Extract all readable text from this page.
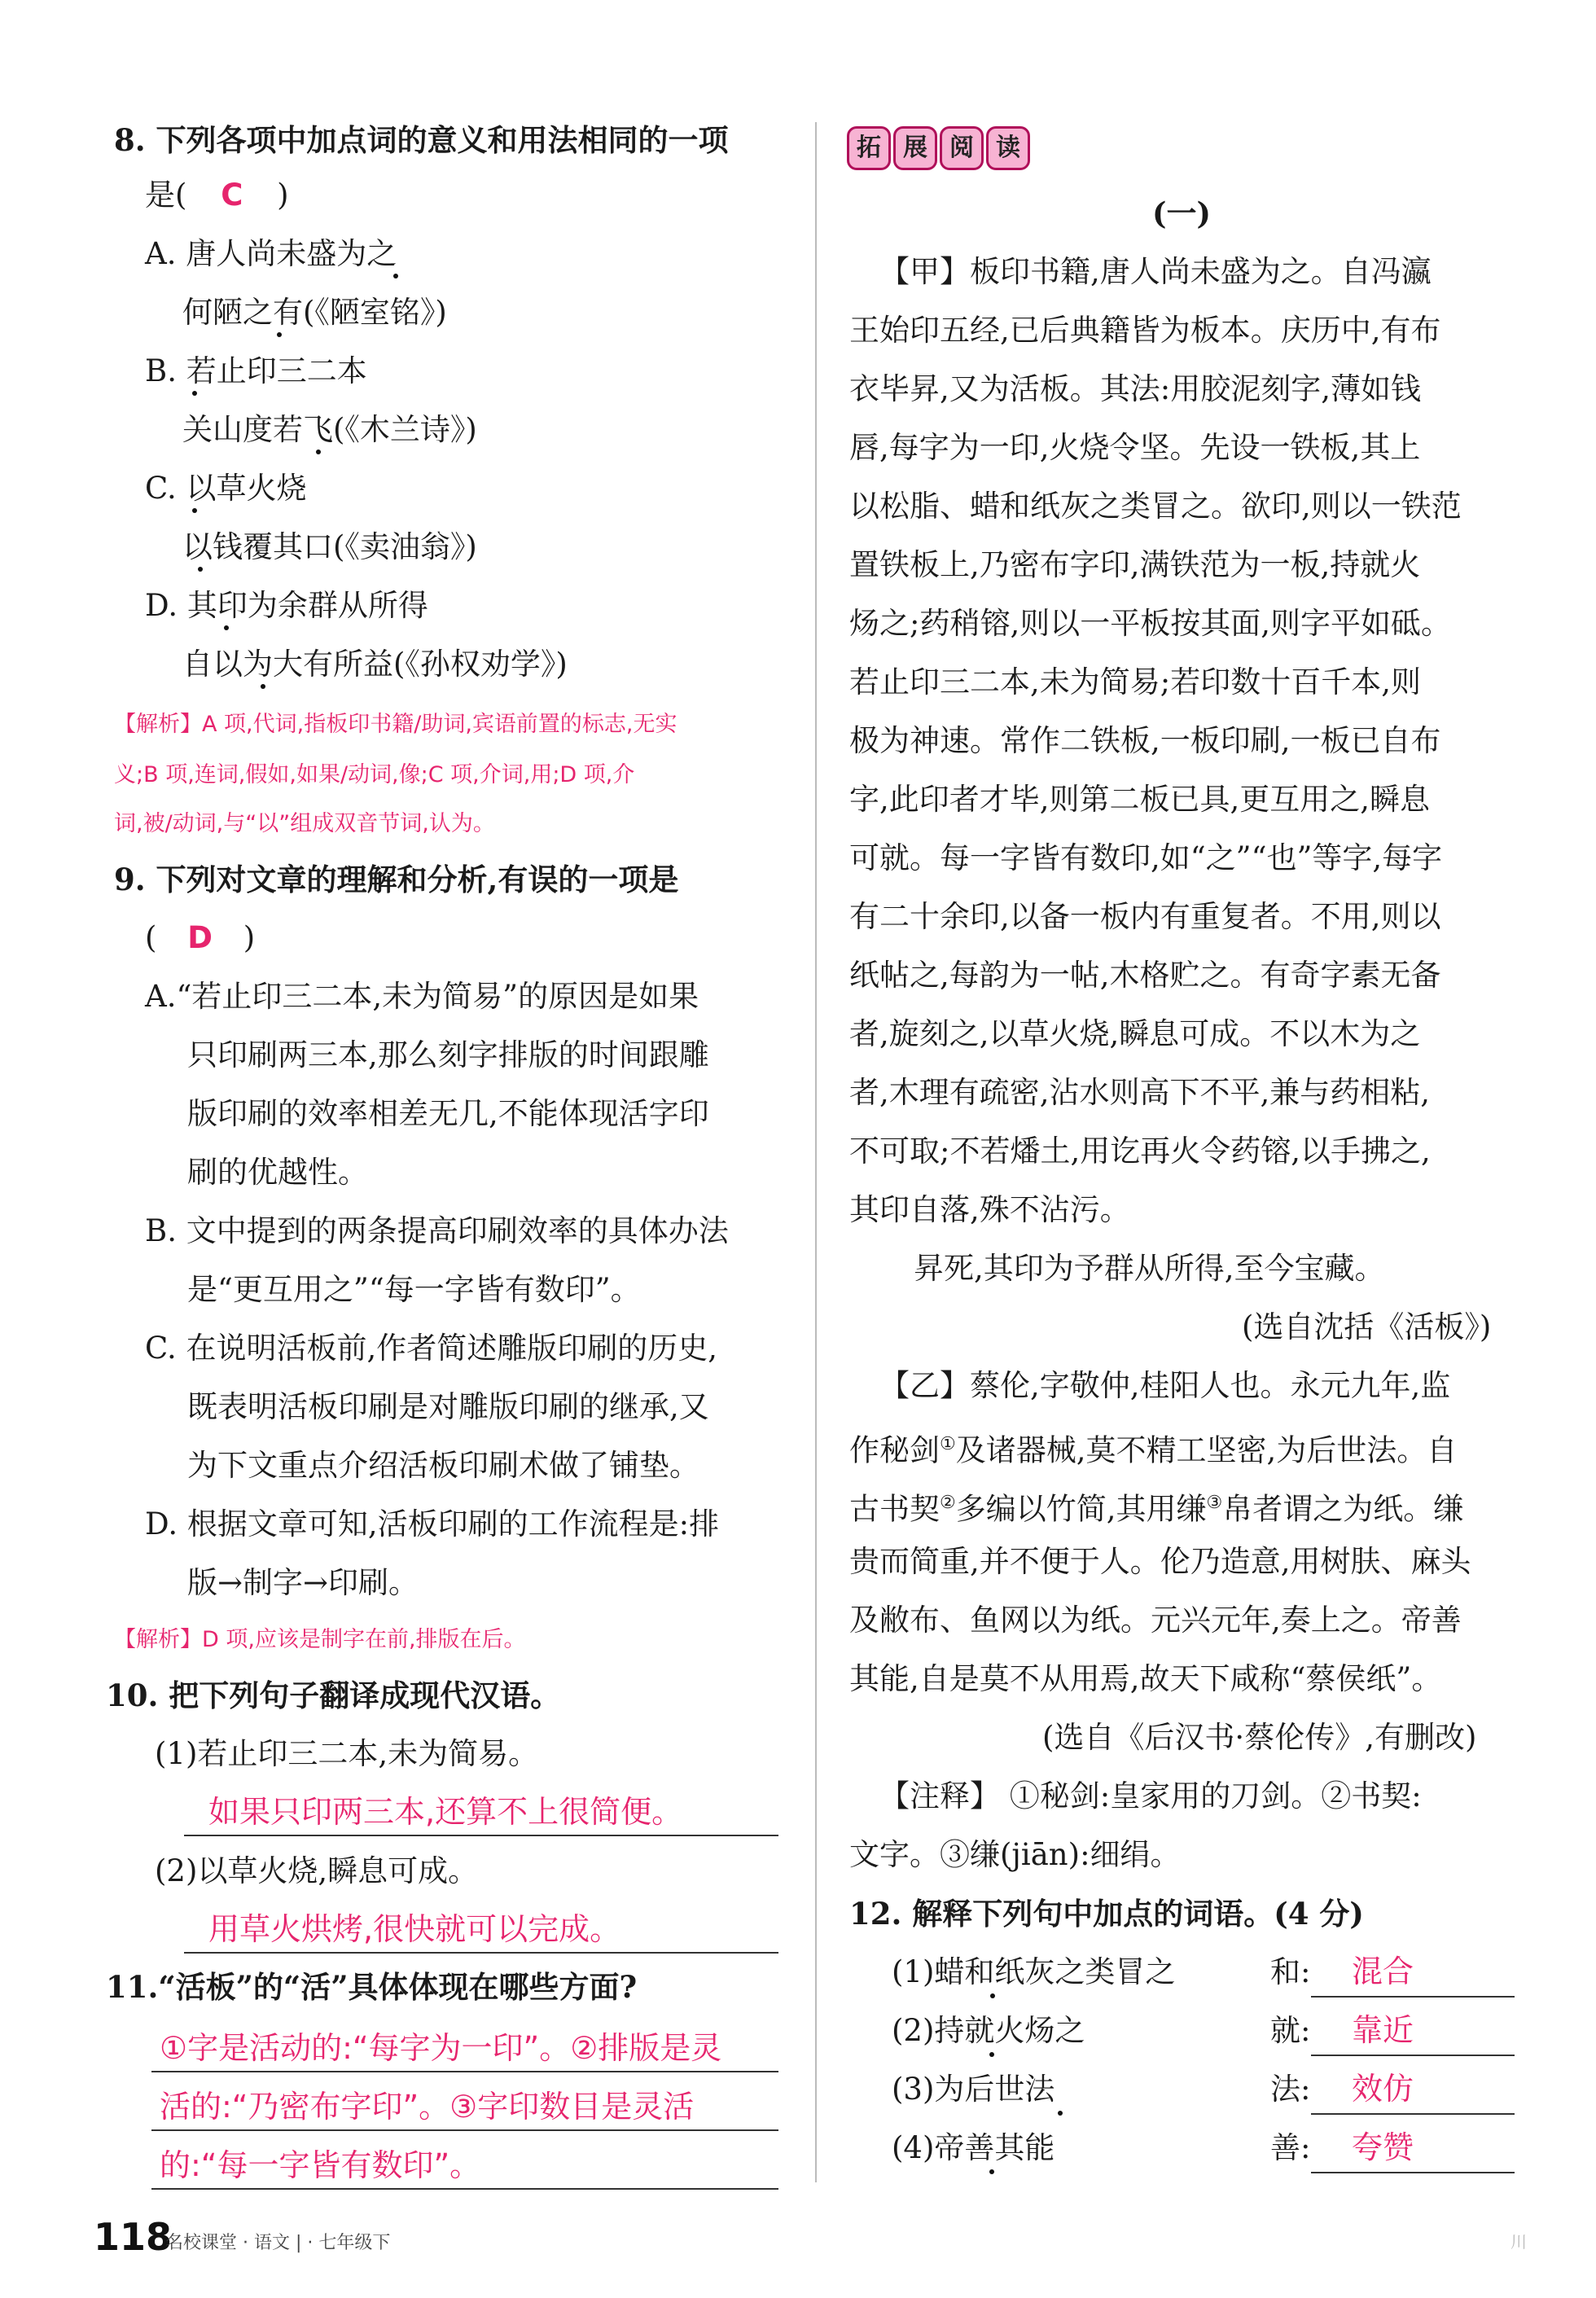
8. 下列各项中加点词的意义和用法相同的一项
是( C )
A. 唐人尚未盛为之
何陋之有(《陋室铭》)
B. 若止印三二本
关山度若飞(《木兰诗》)
C. 以草火烧
以钱覆其口(《卖油翁》)
D. 其印为余群从所得
自以为大有所益(《孙权劝学》)
【解析】A 项,代词,指板印书籍/助词,宾语前置的标志,无实
义;B 项,连词,假如,如果/动词,像;C 项,介词,用;D 项,介
词,被/动词,与“以”组成双音节词,认为。
9. 下列对文章的理解和分析,有误的一项是
( D )
A.“若止印三二本,未为简易”的原因是如果
只印刷两三本,那么刻字排版的时间跟雕
版印刷的效率相差无几,不能体现活字印
刷的优越性。
B. 文中提到的两条提高印刷效率的具体办法
是“更互用之”“每一字皆有数印”。
C. 在说明活板前,作者简述雕版印刷的历史,
既表明活板印刷是对雕版印刷的继承,又
为下文重点介绍活板印刷术做了铺垫。
D. 根据文章可知,活板印刷的工作流程是:排
版→制字→印刷。
【解析】D 项,应该是制字在前,排版在后。
10. 把下列句子翻译成现代汉语。
(1)若止印三二本,未为简易。
如果只印两三本,还算不上很简便。
(2)以草火烧,瞬息可成。
用草火烘烤,很快就可以完成。
11.“活板”的“活”具体体现在哪些方面?
①字是活动的:“每字为一印”。②排版是灵
活的:“乃密布字印”。③字印数目是灵活
的:“每一字皆有数印”。
拓 展 阅 读
(一)
【甲】板印书籍,唐人尚未盛为之。自冯瀛
王始印五经,已后典籍皆为板本。庆历中,有布
衣毕昇,又为活板。其法:用胶泥刻字,薄如钱
唇,每字为一印,火烧令坚。先设一铁板,其上
以松脂、蜡和纸灰之类冒之。欲印,则以一铁范
置铁板上,乃密布字印,满铁范为一板,持就火
炀之;药稍镕,则以一平板按其面,则字平如砥。
若止印三二本,未为简易;若印数十百千本,则
极为神速。常作二铁板,一板印刷,一板已自布
字,此印者才毕,则第二板已具,更互用之,瞬息
可就。每一字皆有数印,如“之”“也”等字,每字
有二十余印,以备一板内有重复者。不用,则以
纸帖之,每韵为一帖,木格贮之。有奇字素无备
者,旋刻之,以草火烧,瞬息可成。不以木为之
者,木理有疏密,沾水则高下不平,兼与药相粘,
不可取;不若燔土,用讫再火令药镕,以手拂之,
其印自落,殊不沾污。
昇死,其印为予群从所得,至今宝藏。
(选自沈括《活板》)
【乙】蔡伦,字敬仲,桂阳人也。永元九年,监
作秘剑①及诸器械,莫不精工坚密,为后世法。自
古书契②多编以竹简,其用缣③帛者谓之为纸。缣
贵而简重,并不便于人。伦乃造意,用树肤、麻头
及敝布、鱼网以为纸。元兴元年,奏上之。帝善
其能,自是莫不从用焉,故天下咸称“蔡侯纸”。
(选自《后汉书·蔡伦传》,有删改)
【注释】 ①秘剑:皇家用的刀剑。②书契:
文字。③缣(jiān):细绢。
12. 解释下列句中加点的词语。(4 分)
(1)蜡和纸灰之类冒之	和: 混合
(2)持就火炀之	就: 靠近
(3)为后世法	法: 效仿
(4)帝善其能	善: 夸赞
118
名校课堂 · 语文 | · 七年级下	川
